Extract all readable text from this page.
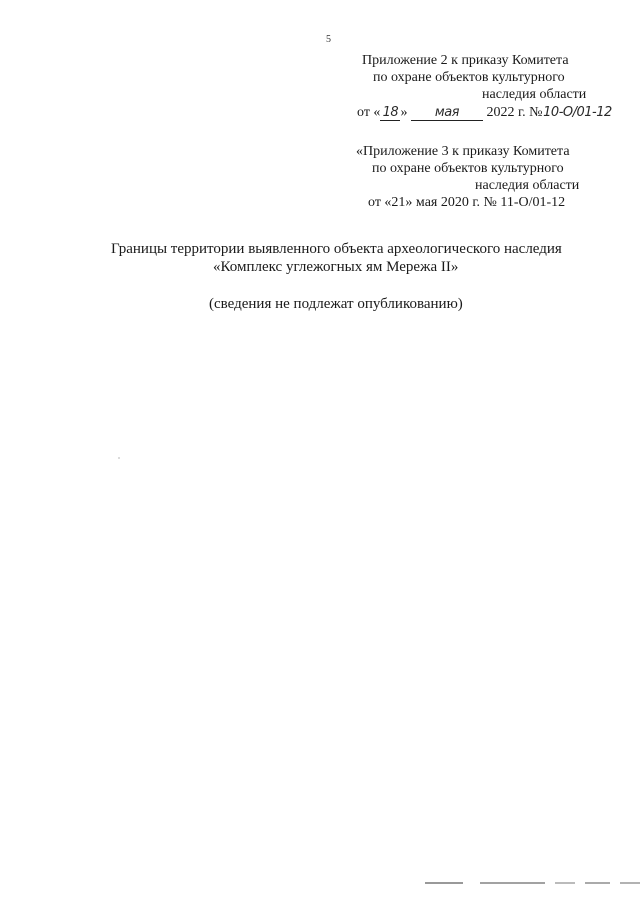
5
Приложение 2 к приказу Комитета
по охране объектов культурного
наследия области
от « 18 » мая 2022 г. №10-О/01-12
«Приложение 3 к приказу Комитета
по охране объектов культурного
наследия области
от «21» мая 2020 г. № 11-О/01-12
Границы территории выявленного объекта археологического наследия
«Комплекс углежогных ям Мережа II»
(сведения не подлежат опубликованию)
